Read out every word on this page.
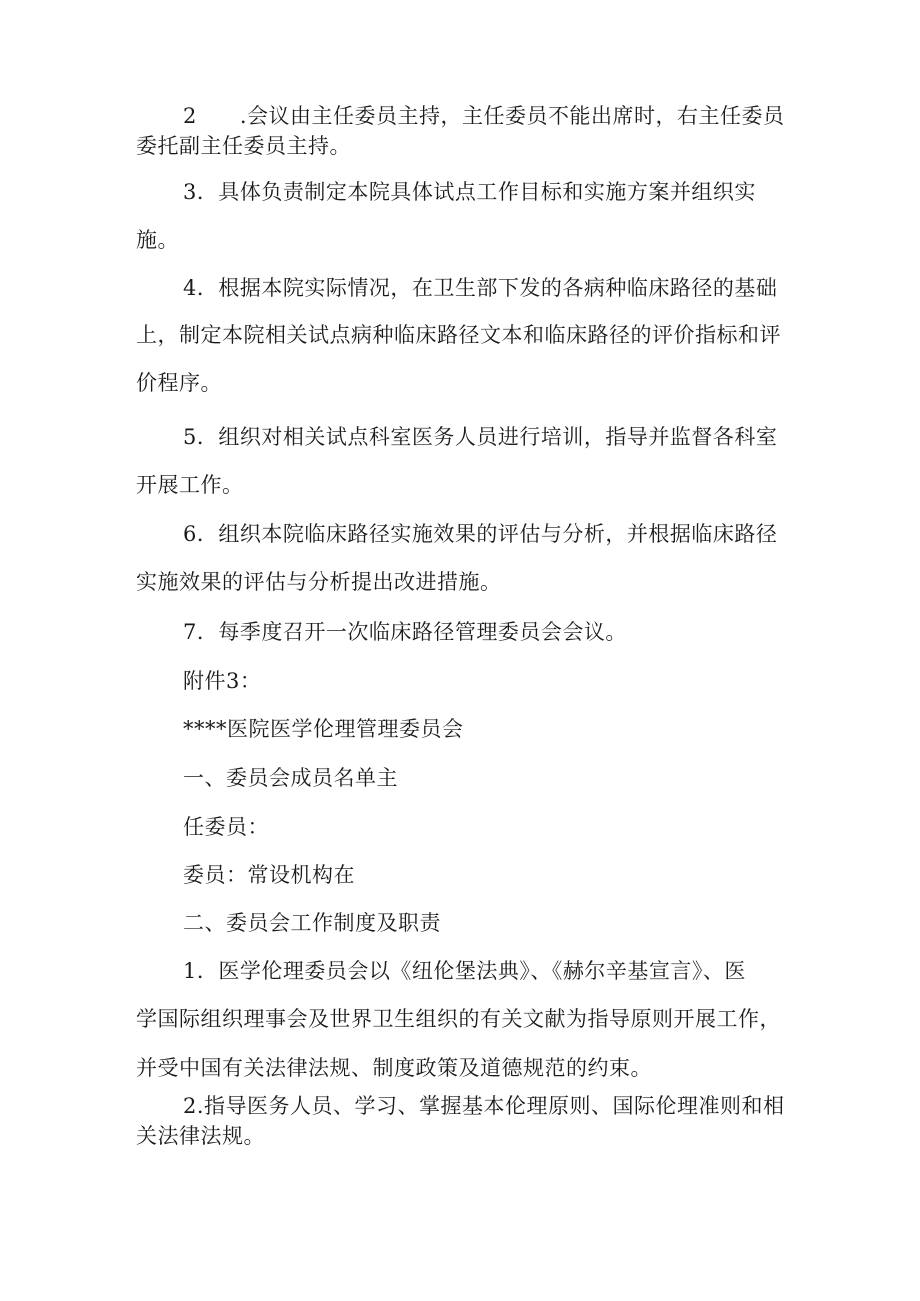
2　　.会议由主任委员主持，主任委员不能出席时，右主任委员
委托副主任委员主持。
3．具体负责制定本院具体试点工作目标和实施方案并组织实
施。
4．根据本院实际情况，在卫生部下发的各病种临床路径的基础
上，制定本院相关试点病种临床路径文本和临床路径的评价指标和评
价程序。
5．组织对相关试点科室医务人员进行培训，指导并监督各科室
开展工作。
6．组织本院临床路径实施效果的评估与分析，并根据临床路径
实施效果的评估与分析提出改进措施。
7．每季度召开一次临床路径管理委员会会议。
附件3：
****医院医学伦理管理委员会
一、委员会成员名单主
任委员：
委员：常设机构在
二、委员会工作制度及职责
1．医学伦理委员会以《纽伦堡法典》、《赫尔辛基宣言》、医
学国际组织理事会及世界卫生组织的有关文献为指导原则开展工作，
并受中国有关法律法规、制度政策及道德规范的约束。
2.指导医务人员、学习、掌握基本伦理原则、国际伦理准则和相
关法律法规。
